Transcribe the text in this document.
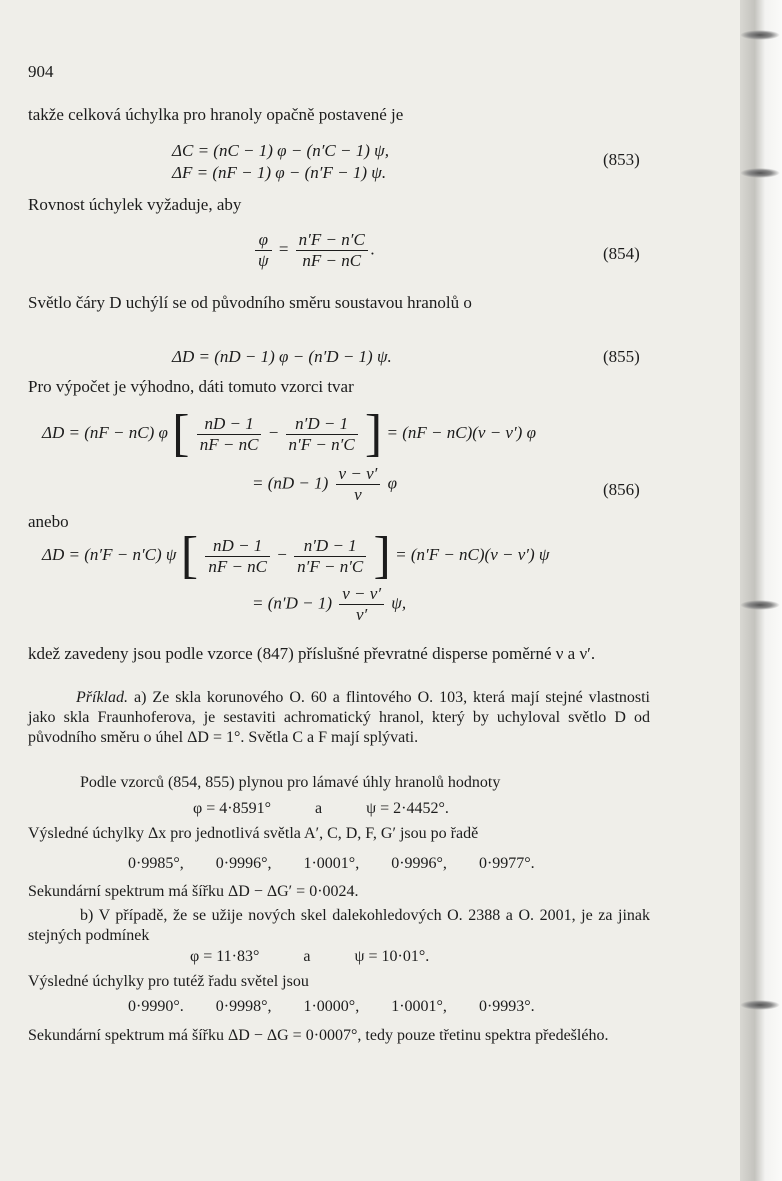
904
takže celková úchylka pro hranoly opačně postavené je
ΔC = (nC − 1) φ − (n′C − 1) ψ,
ΔF = (nF − 1) φ − (n′F − 1) ψ.
(853)
Rovnost úchylek vyžaduje, aby
$\frac{\varphi}{\psi} = \frac{n'F - n'C}{nF - nC}$ .	(854)
Světlo čáry D uchýlí se od původního směru soustavou hranolů o
ΔD = (nD − 1) φ − (n′D − 1) ψ.	(855)
Pro výpočet je výhodno, dáti tomuto vzorci tvar
ΔD = (nF − nC) φ [ $\frac{nD - 1}{nF - nC} - \frac{n'D - 1}{n'F - n'C}$ ] = (nF − nC)(ν − ν′) φ
= $(nD - 1) \frac{\nu - \nu'}{\nu}$ φ	(856)
anebo
ΔD = (n′F − n′C) ψ [ $\frac{nD - 1}{nF - nC} - \frac{n'D - 1}{n'F - n'C}$ ] = (n′F − nC)(ν − ν′) ψ
= $(n'D - 1) \frac{\nu - \nu'}{\nu'} \psi$,
kdež zavedeny jsou podle vzorce (847) příslušné převratné disperse poměrné ν a ν′.
Příklad. a) Ze skla korunového O. 60 a flintového O. 103, která mají stejné vlastnosti jako skla Fraunhoferova, je sestaviti achromatický hranol, který by uchyloval světlo D od původního směru o úhel ΔD = 1°. Světla C a F mají splývati.
Podle vzorců (854, 855) plynou pro lámavé úhly hranolů hodnoty
φ = 4·8591°	a	ψ = 2·4452°.
Výsledné úchylky Δx pro jednotlivá světla A′, C, D, F, G′ jsou po řadě
0·9985°, 0·9996°, 1·0001°, 0·9996°, 0·9977°.
Sekundární spektrum má šířku ΔD − ΔG′ = 0·0024.
b) V případě, že se užije nových skel dalekohledových O. 2388 a O. 2001, je za jinak stejných podmínek
φ = 11·83°	a	ψ = 10·01°.
Výsledné úchylky pro tutéž řadu světel jsou
0·9990°. 0·9998°, 1·0000°, 1·0001°, 0·9993°.
Sekundární spektrum má šířku ΔD − ΔG = 0·0007°, tedy pouze třetinu spektra předešlého.
